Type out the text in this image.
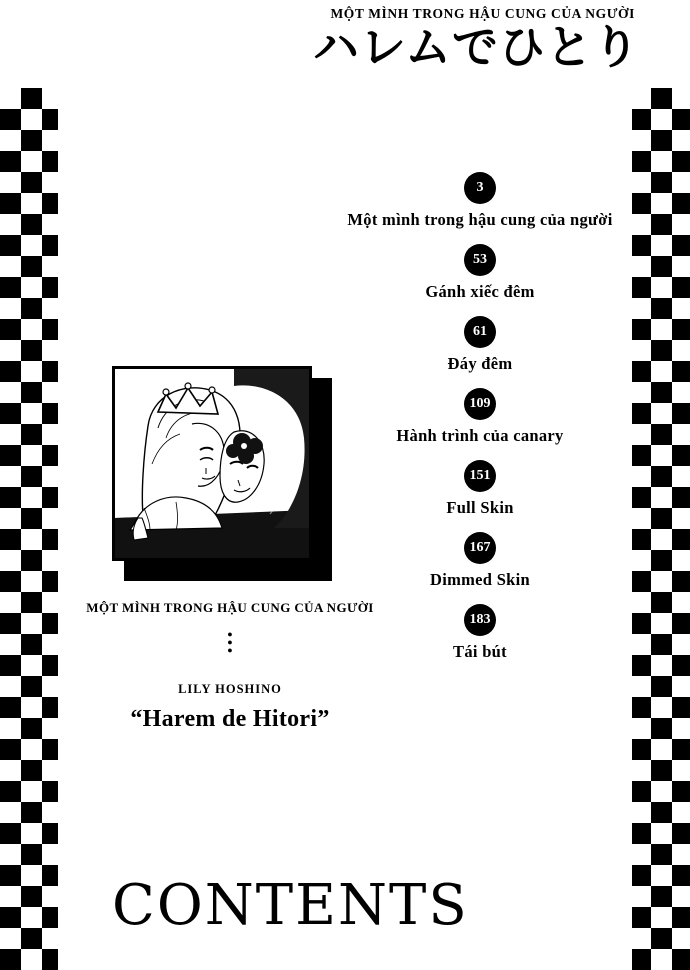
MỘT MÌNH TRONG HẬU CUNG CỦA NGƯỜI
ハレムでひとり
MỘT MÌNH TRONG HẬU CUNG CỦA NGƯỜI
●
●
●
LILY HOSHINO
“Harem de Hitori”
3
Một mình trong hậu cung của người
53
Gánh xiếc đêm
61
Đáy đêm
109
Hành trình của canary
151
Full Skin
167
Dimmed Skin
183
Tái bút
CONTENTS
